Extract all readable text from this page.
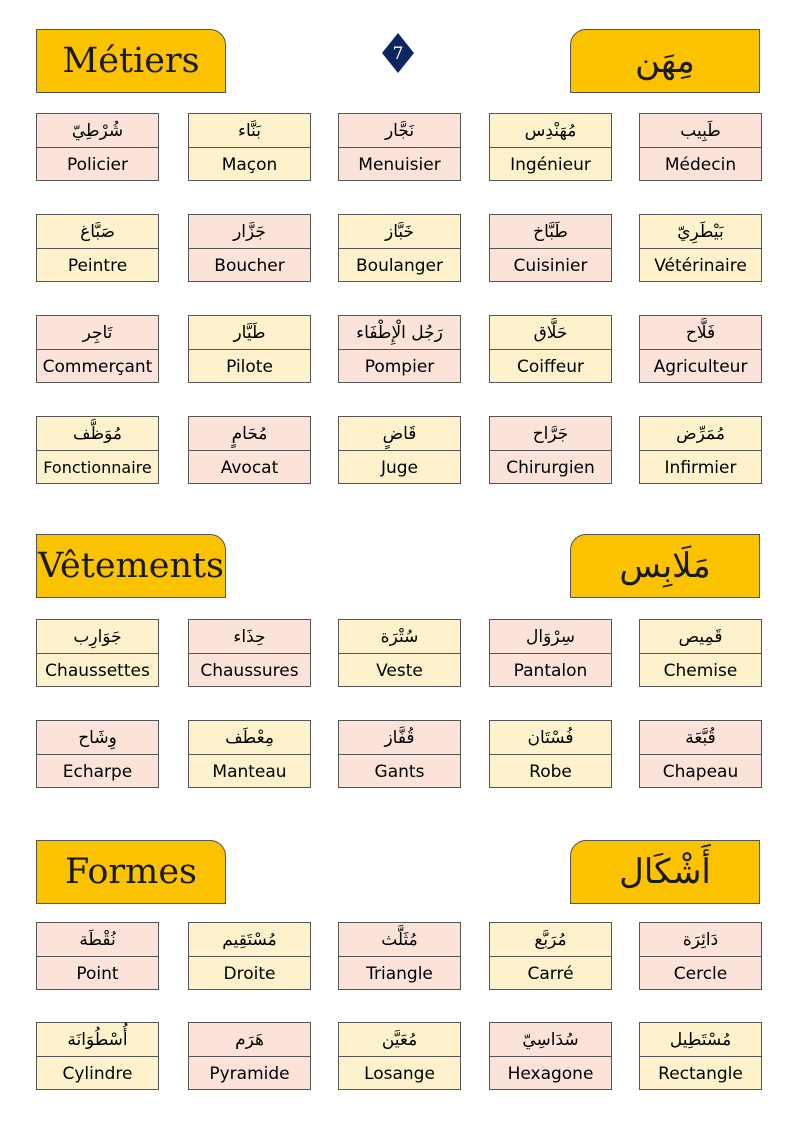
7
Métiers	مِهَن
Vêtements	مَلَابِس
Formes	أَشْكَال
شُرْطِيّ
Policier
بَنَّاء
Maçon
نَجَّار
Menuisier
مُهَنْدِس
Ingénieur
طَبِيب
Médecin
صَبَّاغ
Peintre
جَزَّار
Boucher
خَبَّاز
Boulanger
طَبَّاخ
Cuisinier
بَيْطَرِيّ
Vétérinaire
تَاجِر
Commerçant
طَيَّار
Pilote
رَجُل الْإِطْفَاء
Pompier
حَلَّاق
Coiffeur
فَلَّاح
Agriculteur
مُوَظَّف
Fonctionnaire
مُحَامٍ
Avocat
قَاضٍ
Juge
جَرَّاح
Chirurgien
مُمَرِّض
Infirmier
جَوَارِب
Chaussettes
حِذَاء
Chaussures
سُتْرَة
Veste
سِرْوَال
Pantalon
قَمِيص
Chemise
وِشَاح
Echarpe
مِعْطَف
Manteau
قُفَّاز
Gants
فُسْتَان
Robe
قُبَّعَة
Chapeau
نُقْطَة
Point
مُسْتَقِيم
Droite
مُثَلَّث
Triangle
مُرَبَّع
Carré
دَائِرَة
Cercle
أُسْطُوَانَة
Cylindre
هَرَم
Pyramide
مُعَيَّن
Losange
سُدَاسِيّ
Hexagone
مُسْتَطِيل
Rectangle
